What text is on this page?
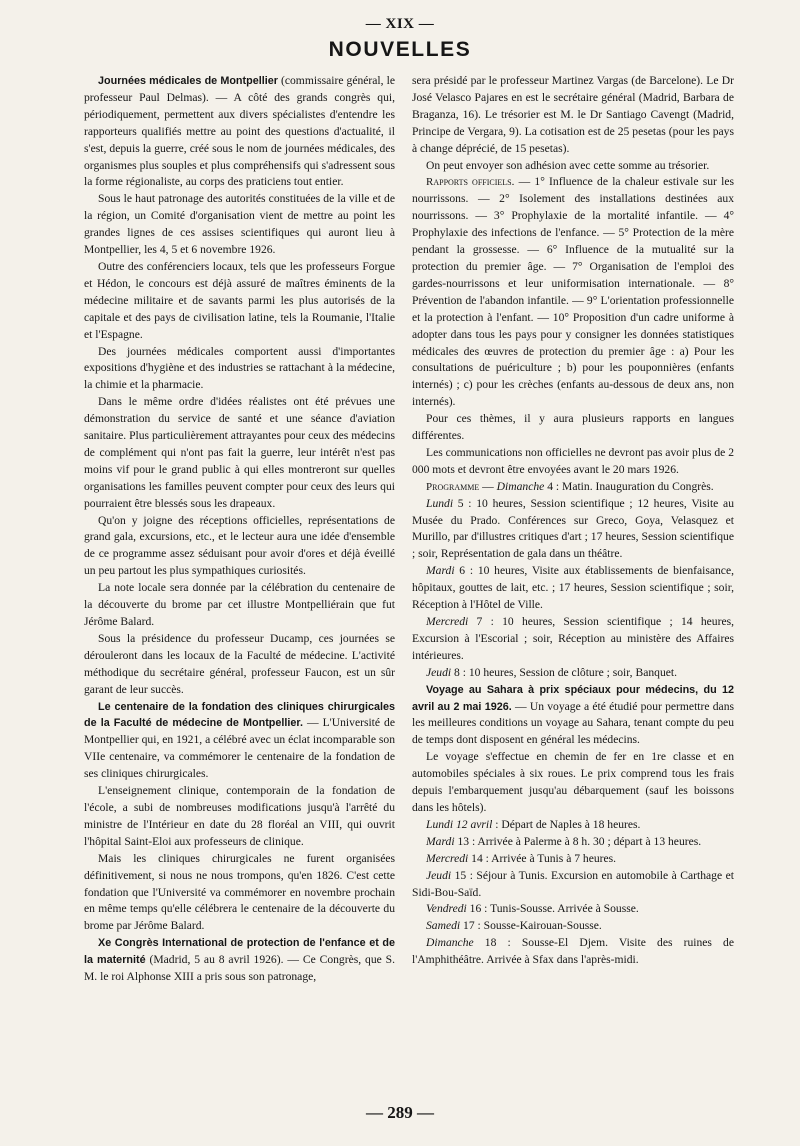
— XIX —
NOUVELLES

Journées médicales de Montpellier (commissaire général, le professeur Paul Delmas). — A côté des grands congrès qui, périodiquement, permettent aux divers spécialistes d'entendre les rapporteurs qualifiés mettre au point des questions d'actualité, il s'est, depuis la guerre, créé sous le nom de journées médicales, des organismes plus souples et plus compréhensifs qui s'adressent sous la forme régionaliste, au corps des praticiens tout entier.

Sous le haut patronage des autorités constituées de la ville et de la région, un Comité d'organisation vient de mettre au point les grandes lignes de ces assises scientifiques qui auront lieu à Montpellier, les 4, 5 et 6 novembre 1926.

Outre des conférenciers locaux, tels que les professeurs Forgue et Hédon, le concours est déjà assuré de maîtres éminents de la médecine militaire et de savants parmi les plus autorisés de la capitale et des pays de civilisation latine, tels la Roumanie, l'Italie et l'Espagne.

Des journées médicales comportent aussi d'importantes expositions d'hygiène et des industries se rattachant à la médecine, la chimie et la pharmacie.

Dans le même ordre d'idées réalistes ont été prévues une démonstration du service de santé et une séance d'aviation sanitaire. Plus particulièrement attrayantes pour ceux des médecins de complément qui n'ont pas fait la guerre, leur intérêt n'est pas moins vif pour le grand public à qui elles montreront sur quelles organisations les familles peuvent compter pour ceux des leurs qui pourraient être blessés sous les drapeaux.

Qu'on y joigne des réceptions officielles, représentations de grand gala, excursions, etc., et le lecteur aura une idée d'ensemble de ce programme assez séduisant pour avoir d'ores et déjà éveillé un peu partout les plus sympathiques curiosités.

La note locale sera donnée par la célébration du centenaire de la découverte du brome par cet illustre Montpelliérain que fut Jérôme Balard.

Sous la présidence du professeur Ducamp, ces journées se dérouleront dans les locaux de la Faculté de médecine. L'activité méthodique du secrétaire général, professeur Faucon, est un sûr garant de leur succès.

Le centenaire de la fondation des cliniques chirurgicales de la Faculté de médecine de Montpellier. — L'Université de Montpellier qui, en 1921, a célébré avec un éclat incomparable son VIIe centenaire, va commémorer le centenaire de la fondation de ses cliniques chirurgicales.

L'enseignement clinique, contemporain de la fondation de l'école, a subi de nombreuses modifications jusqu'à l'arrêté du ministre de l'Intérieur en date du 28 floréal an VIII, qui ouvrit l'hôpital Saint-Eloi aux professeurs de clinique.

Mais les cliniques chirurgicales ne furent organisées définitivement, si nous ne nous trompons, qu'en 1826. C'est cette fondation que l'Université va commémorer en novembre prochain en même temps qu'elle célébrera le centenaire de la découverte du brome par Jérôme Balard.

Xe Congrès International de protection de l'enfance et de la maternité (Madrid, 5 au 8 avril 1926). — Ce Congrès, que S. M. le roi Alphonse XIII a pris sous son patronage,

sera présidé par le professeur Martinez Vargas (de Barcelone). Le Dr José Velasco Pajares en est le secrétaire général (Madrid, Barbara de Braganza, 16). Le trésorier est M. le Dr Santiago Cavengt (Madrid, Principe de Vergara, 9). La cotisation est de 25 pesetas (pour les pays à change déprécié, de 15 pesetas).

On peut envoyer son adhésion avec cette somme au trésorier.

Rapports officiels. — 1° Influence de la chaleur estivale sur les nourrissons. — 2° Isolement des installations destinées aux nourrissons. — 3° Prophylaxie de la mortalité infantile. — 4° Prophylaxie des infections de l'enfance. — 5° Protection de la mère pendant la grossesse. — 6° Influence de la mutualité sur la protection du premier âge. — 7° Organisation de l'emploi des gardes-nourrissons et leur uniformisation internationale. — 8° Prévention de l'abandon infantile. — 9° L'orientation professionnelle et la protection à l'enfant. — 10° Proposition d'un cadre uniforme à adopter dans tous les pays pour y consigner les données statistiques médicales des œuvres de protection du premier âge : a) Pour les consultations de puériculture ; b) pour les pouponnières (enfants internés) ; c) pour les crèches (enfants au-dessous de deux ans, non internés).

Pour ces thèmes, il y aura plusieurs rapports en langues différentes.

Les communications non officielles ne devront pas avoir plus de 2 000 mots et devront être envoyées avant le 20 mars 1926.

Programme — Dimanche 4 : Matin. Inauguration du Congrès.

Lundi 5 : 10 heures, Session scientifique ; 12 heures, Visite au Musée du Prado. Conférences sur Greco, Goya, Velasquez et Murillo, par d'illustres critiques d'art ; 17 heures, Session scientifique ; soir, Représentation de gala dans un théâtre.

Mardi 6 : 10 heures, Visite aux établissements de bienfaisance, hôpitaux, gouttes de lait, etc. ; 17 heures, Session scientifique ; soir, Réception à l'Hôtel de Ville.

Mercredi 7 : 10 heures, Session scientifique ; 14 heures, Excursion à l'Escorial ; soir, Réception au ministère des Affaires intérieures.

Jeudi 8 : 10 heures, Session de clôture ; soir, Banquet.

Voyage au Sahara à prix spéciaux pour médecins, du 12 avril au 2 mai 1926. — Un voyage a été étudié pour permettre dans les meilleures conditions un voyage au Sahara, tenant compte du peu de temps dont disposent en général les médecins.

Le voyage s'effectue en chemin de fer en 1re classe et en automobiles spéciales à six roues. Le prix comprend tous les frais depuis l'embarquement jusqu'au débarquement (sauf les boissons dans les hôtels).

Lundi 12 avril : Départ de Naples à 18 heures.

Mardi 13 : Arrivée à Palerme à 8 h. 30 ; départ à 13 heures.

Mercredi 14 : Arrivée à Tunis à 7 heures.

Jeudi 15 : Séjour à Tunis. Excursion en automobile à Carthage et Sidi-Bou-Saïd.

Vendredi 16 : Tunis-Sousse. Arrivée à Sousse.

Samedi 17 : Sousse-Kairouan-Sousse.

Dimanche 18 : Sousse-El Djem. Visite des ruines de l'Amphithéâtre. Arrivée à Sfax dans l'après-midi.

— 289 —
